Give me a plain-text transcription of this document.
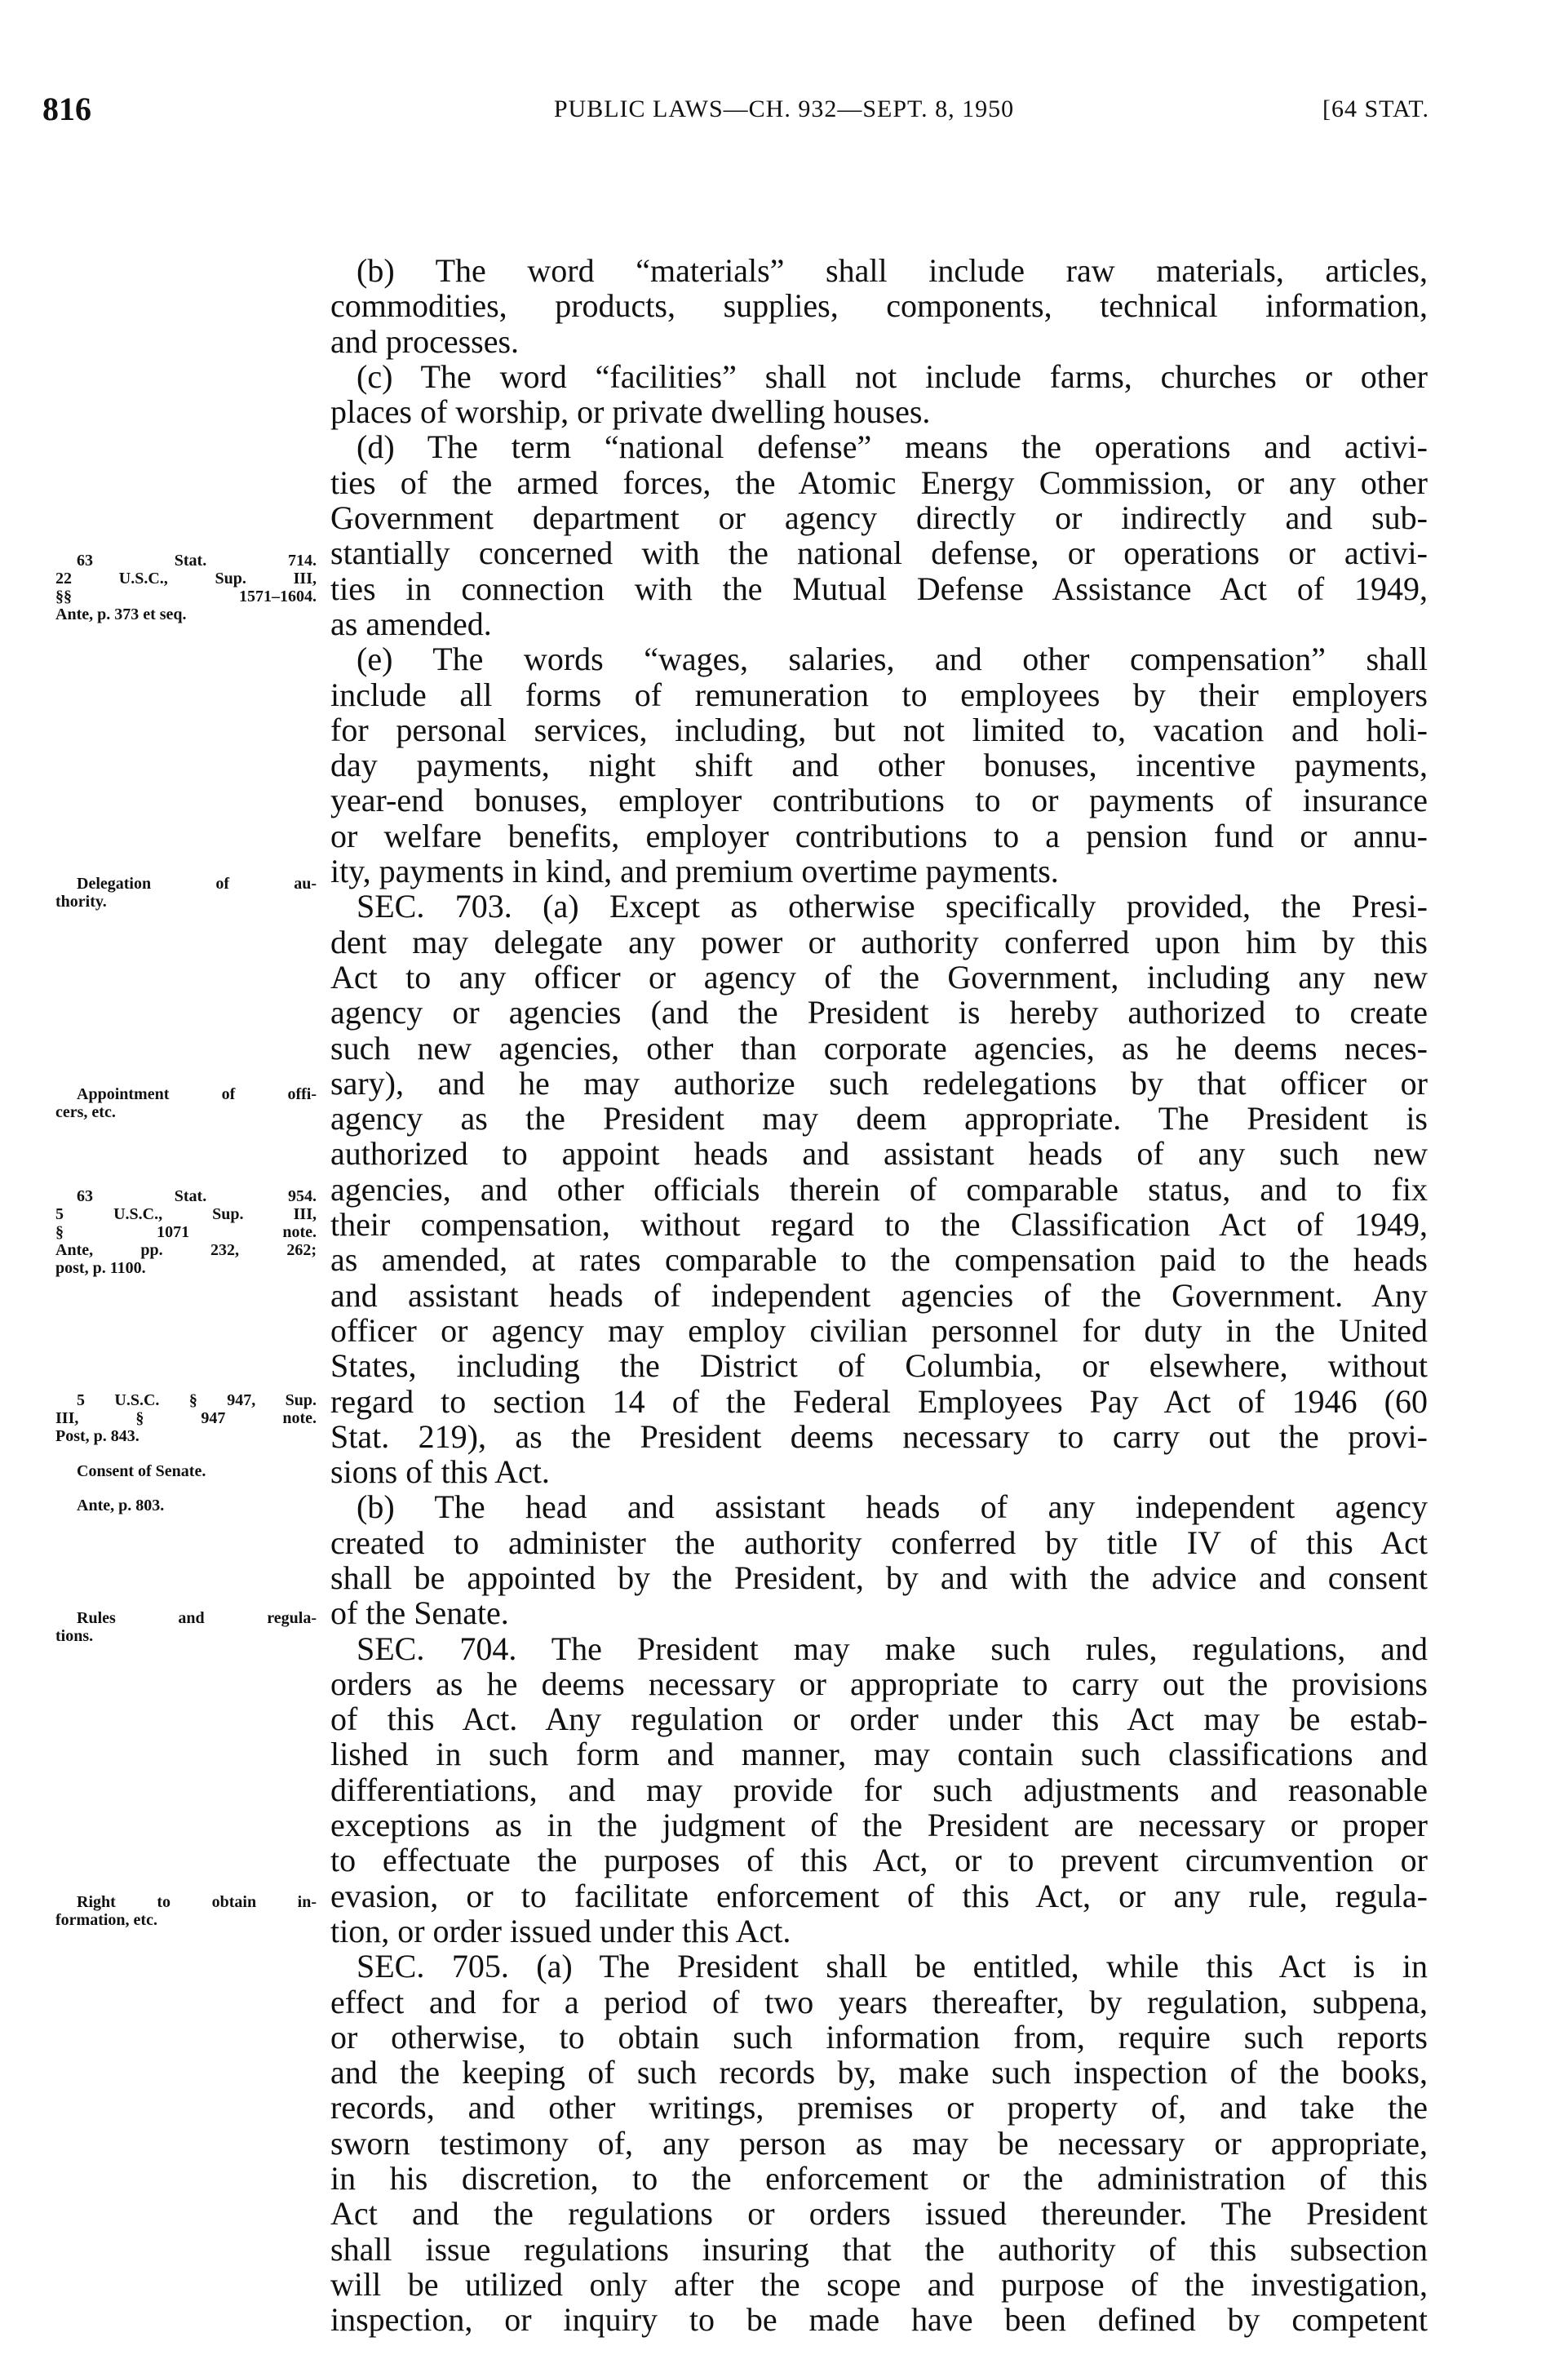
816	PUBLIC LAWS—CH. 932—SEPT. 8, 1950	[64 STAT.
(b) The word “materials” shall include raw materials, articles,
commodities, products, supplies, components, technical information,
and processes.
(c) The word “facilities” shall not include farms, churches or other
places of worship, or private dwelling houses.
(d) The term “national defense” means the operations and activi-
ties of the armed forces, the Atomic Energy Commission, or any other
Government department or agency directly or indirectly and sub-
stantially concerned with the national defense, or operations or activi-
ties in connection with the Mutual Defense Assistance Act of 1949,
as amended.
(e) The words “wages, salaries, and other compensation” shall
include all forms of remuneration to employees by their employers
for personal services, including, but not limited to, vacation and holi-
day payments, night shift and other bonuses, incentive payments,
year-end bonuses, employer contributions to or payments of insurance
or welfare benefits, employer contributions to a pension fund or annu-
ity, payments in kind, and premium overtime payments.
SEC. 703. (a) Except as otherwise specifically provided, the Presi-
dent may delegate any power or authority conferred upon him by this
Act to any officer or agency of the Government, including any new
agency or agencies (and the President is hereby authorized to create
such new agencies, other than corporate agencies, as he deems neces-
sary), and he may authorize such redelegations by that officer or
agency as the President may deem appropriate. The President is
authorized to appoint heads and assistant heads of any such new
agencies, and other officials therein of comparable status, and to fix
their compensation, without regard to the Classification Act of 1949,
as amended, at rates comparable to the compensation paid to the heads
and assistant heads of independent agencies of the Government. Any
officer or agency may employ civilian personnel for duty in the United
States, including the District of Columbia, or elsewhere, without
regard to section 14 of the Federal Employees Pay Act of 1946 (60
Stat. 219), as the President deems necessary to carry out the provi-
sions of this Act.
(b) The head and assistant heads of any independent agency
created to administer the authority conferred by title IV of this Act
shall be appointed by the President, by and with the advice and consent
of the Senate.
SEC. 704. The President may make such rules, regulations, and
orders as he deems necessary or appropriate to carry out the provisions
of this Act. Any regulation or order under this Act may be estab-
lished in such form and manner, may contain such classifications and
differentiations, and may provide for such adjustments and reasonable
exceptions as in the judgment of the President are necessary or proper
to effectuate the purposes of this Act, or to prevent circumvention or
evasion, or to facilitate enforcement of this Act, or any rule, regula-
tion, or order issued under this Act.
SEC. 705. (a) The President shall be entitled, while this Act is in
effect and for a period of two years thereafter, by regulation, subpena,
or otherwise, to obtain such information from, require such reports
and the keeping of such records by, make such inspection of the books,
records, and other writings, premises or property of, and take the
sworn testimony of, any person as may be necessary or appropriate,
in his discretion, to the enforcement or the administration of this
Act and the regulations or orders issued thereunder. The President
shall issue regulations insuring that the authority of this subsection
will be utilized only after the scope and purpose of the investigation,
inspection, or inquiry to be made have been defined by competent
63 Stat. 714.
22 U.S.C., Sup. III,
§§ 1571–1604.
Ante, p. 373 et seq.
Delegation of au-
thority.
Appointment of offi-
cers, etc.
63 Stat. 954.
5 U.S.C., Sup. III,
§ 1071 note.
Ante, pp. 232, 262;
post, p. 1100.
5 U.S.C. § 947, Sup.
III, § 947 note.
Post, p. 843.
Consent of Senate.
Ante, p. 803.
Rules and regula-
tions.
Right to obtain in-
formation, etc.
